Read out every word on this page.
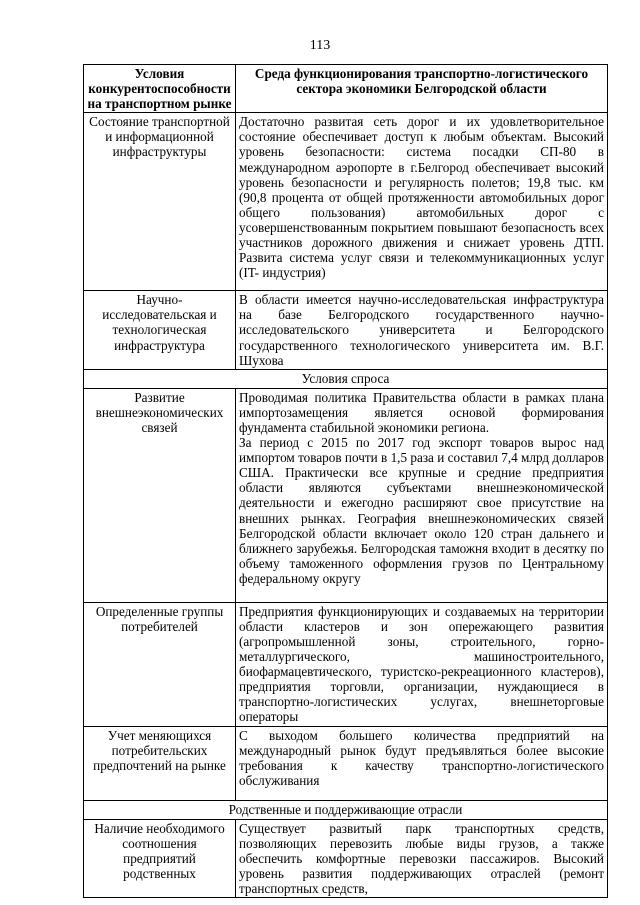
113
Условия конкурентоспособности на транспортном рынке	Среда функционирования транспортно-логистического сектора экономики Белгородской области
Состояние транспортной и информационной инфраструктуры	Достаточно развитая сеть дорог и их удовлетворительное состояние обеспечивает доступ к любым объектам. Высокий уровень безопасности: система посадки СП-80 в международном аэропорте в г.Белгород обеспечивает высокий уровень безопасности и регулярность полетов; 19,8 тыс. км (90,8 процента от общей протяженности автомобильных дорог общего пользования) автомобильных дорог с усовершенствованным покрытием повышают безопасность всех участников дорожного движения и снижает уровень ДТП. Развита система услуг связи и телекоммуникационных услуг (IT- индустрия)

Научно-исследовательская и технологическая инфраструктура	В области имеется научно-исследовательская инфраструктура на базе Белгородского государственного научно-исследовательского университета и Белгородского государственного технологического университета им. В.Г. Шухова

Условия спроса	
Развитие внешнеэкономических связей	Проводимая политика Правительства области в рамках плана импортозамещения является основой формирования фундамента стабильной экономики региона.
За период с 2015 по 2017 год экспорт товаров вырос над импортом товаров почти в 1,5 раза и составил 7,4 млрд долларов США. Практически все крупные и средние предприятия области являются субъектами внешнеэкономической деятельности и ежегодно расширяют свое присутствие на внешних рынках. География внешнеэкономических связей Белгородской области включает около 120 стран дальнего и ближнего зарубежья. Белгородская таможня входит в десятку по объему таможенного оформления грузов по Центральному федеральному округу

Определенные группы потребителей	Предприятия функционирующих и создаваемых на территории области кластеров и зон опережающего развития (агропромышленной зоны, строительного, горно-металлургического, машиностроительного, биофармацевтического, туристско-рекреационного кластеров), предприятия торговли, организации, нуждающиеся в транспортно-логистических услугах, внешнеторговые операторы

Учет меняющихся потребительских предпочтений на рынке	С выходом большего количества предприятий на международный рынок будут предъявляться более высокие требования к качеству транспортно-логистического обслуживания

Родственные и поддерживающие отрасли	
Наличие необходимого соотношения предприятий родственных	Существует развитый парк транспортных средств, позволяющих перевозить любые виды грузов, а также обеспечить комфортные перевозки пассажиров. Высокий уровень развития поддерживающих отраслей (ремонт транспортных средств,
